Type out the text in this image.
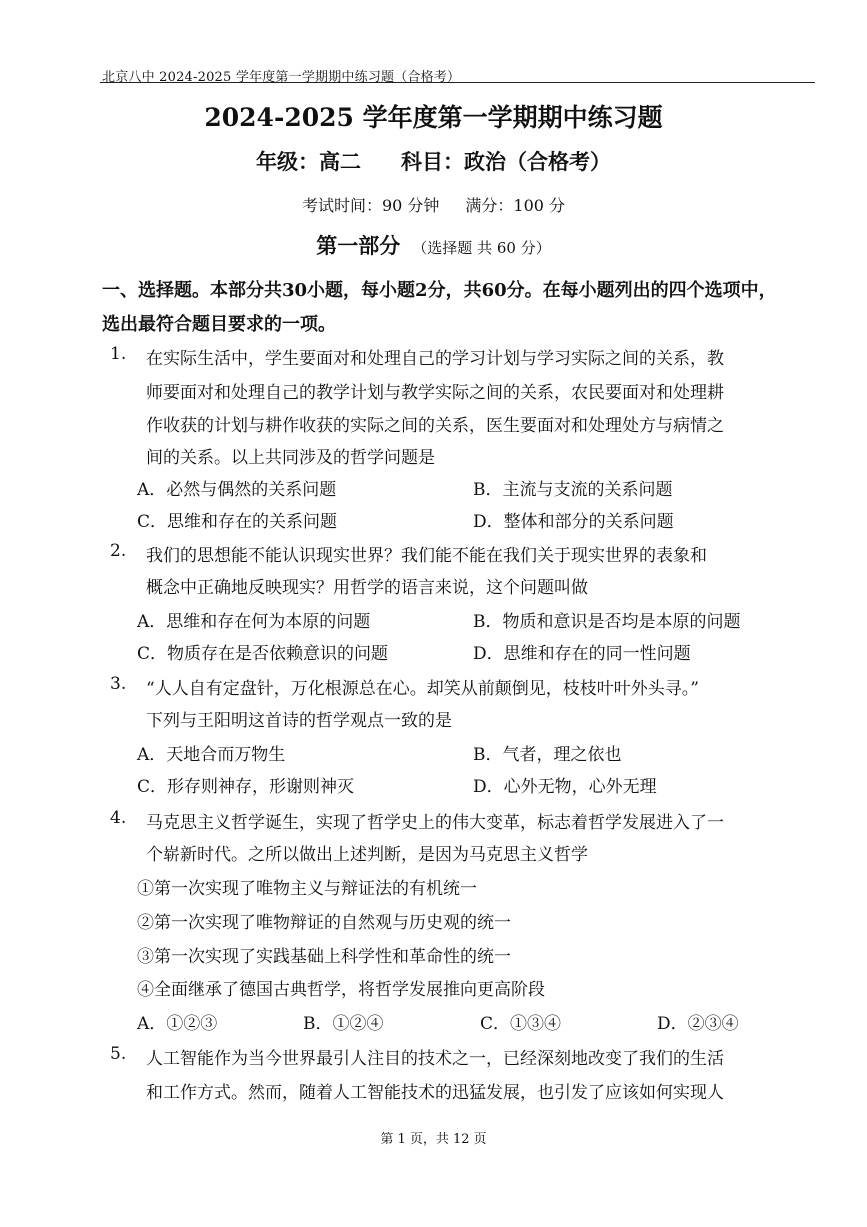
北京八中 2024-2025 学年度第一学期期中练习题（合格考）
2024-2025 学年度第一学期期中练习题
年级：高二 科目：政治（合格考）
考试时间：90 分钟 满分：100 分
第一部分 （选择题 共 60 分）
一、选择题。本部分共30小题，每小题2分，共60分。在每小题列出的四个选项中，
选出最符合题目要求的一项。
1. 在实际生活中，学生要面对和处理自己的学习计划与学习实际之间的关系，教
师要面对和处理自己的教学计划与教学实际之间的关系，农民要面对和处理耕
作收获的计划与耕作收获的实际之间的关系，医生要面对和处理处方与病情之
间的关系。以上共同涉及的哲学问题是
A．必然与偶然的关系问题	B．主流与支流的关系问题
C．思维和存在的关系问题	D．整体和部分的关系问题
2. 我们的思想能不能认识现实世界？我们能不能在我们关于现实世界的表象和
概念中正确地反映现实？用哲学的语言来说，这个问题叫做
A．思维和存在何为本原的问题	B．物质和意识是否均是本原的问题
C．物质存在是否依赖意识的问题	D．思维和存在的同一性问题
3. “人人自有定盘针，万化根源总在心。却笑从前颠倒见，枝枝叶叶外头寻。”
下列与王阳明这首诗的哲学观点一致的是
A．天地合而万物生	B．气者，理之依也
C．形存则神存，形谢则神灭	D．心外无物，心外无理
4. 马克思主义哲学诞生，实现了哲学史上的伟大变革，标志着哲学发展进入了一
个崭新时代。之所以做出上述判断，是因为马克思主义哲学
①第一次实现了唯物主义与辩证法的有机统一
②第一次实现了唯物辩证的自然观与历史观的统一
③第一次实现了实践基础上科学性和革命性的统一
④全面继承了德国古典哲学，将哲学发展推向更高阶段
A．①②③	B．①②④	C．①③④	D．②③④
5. 人工智能作为当今世界最引人注目的技术之一，已经深刻地改变了我们的生活
和工作方式。然而，随着人工智能技术的迅猛发展，也引发了应该如何实现人
第 1 页，共 12 页
